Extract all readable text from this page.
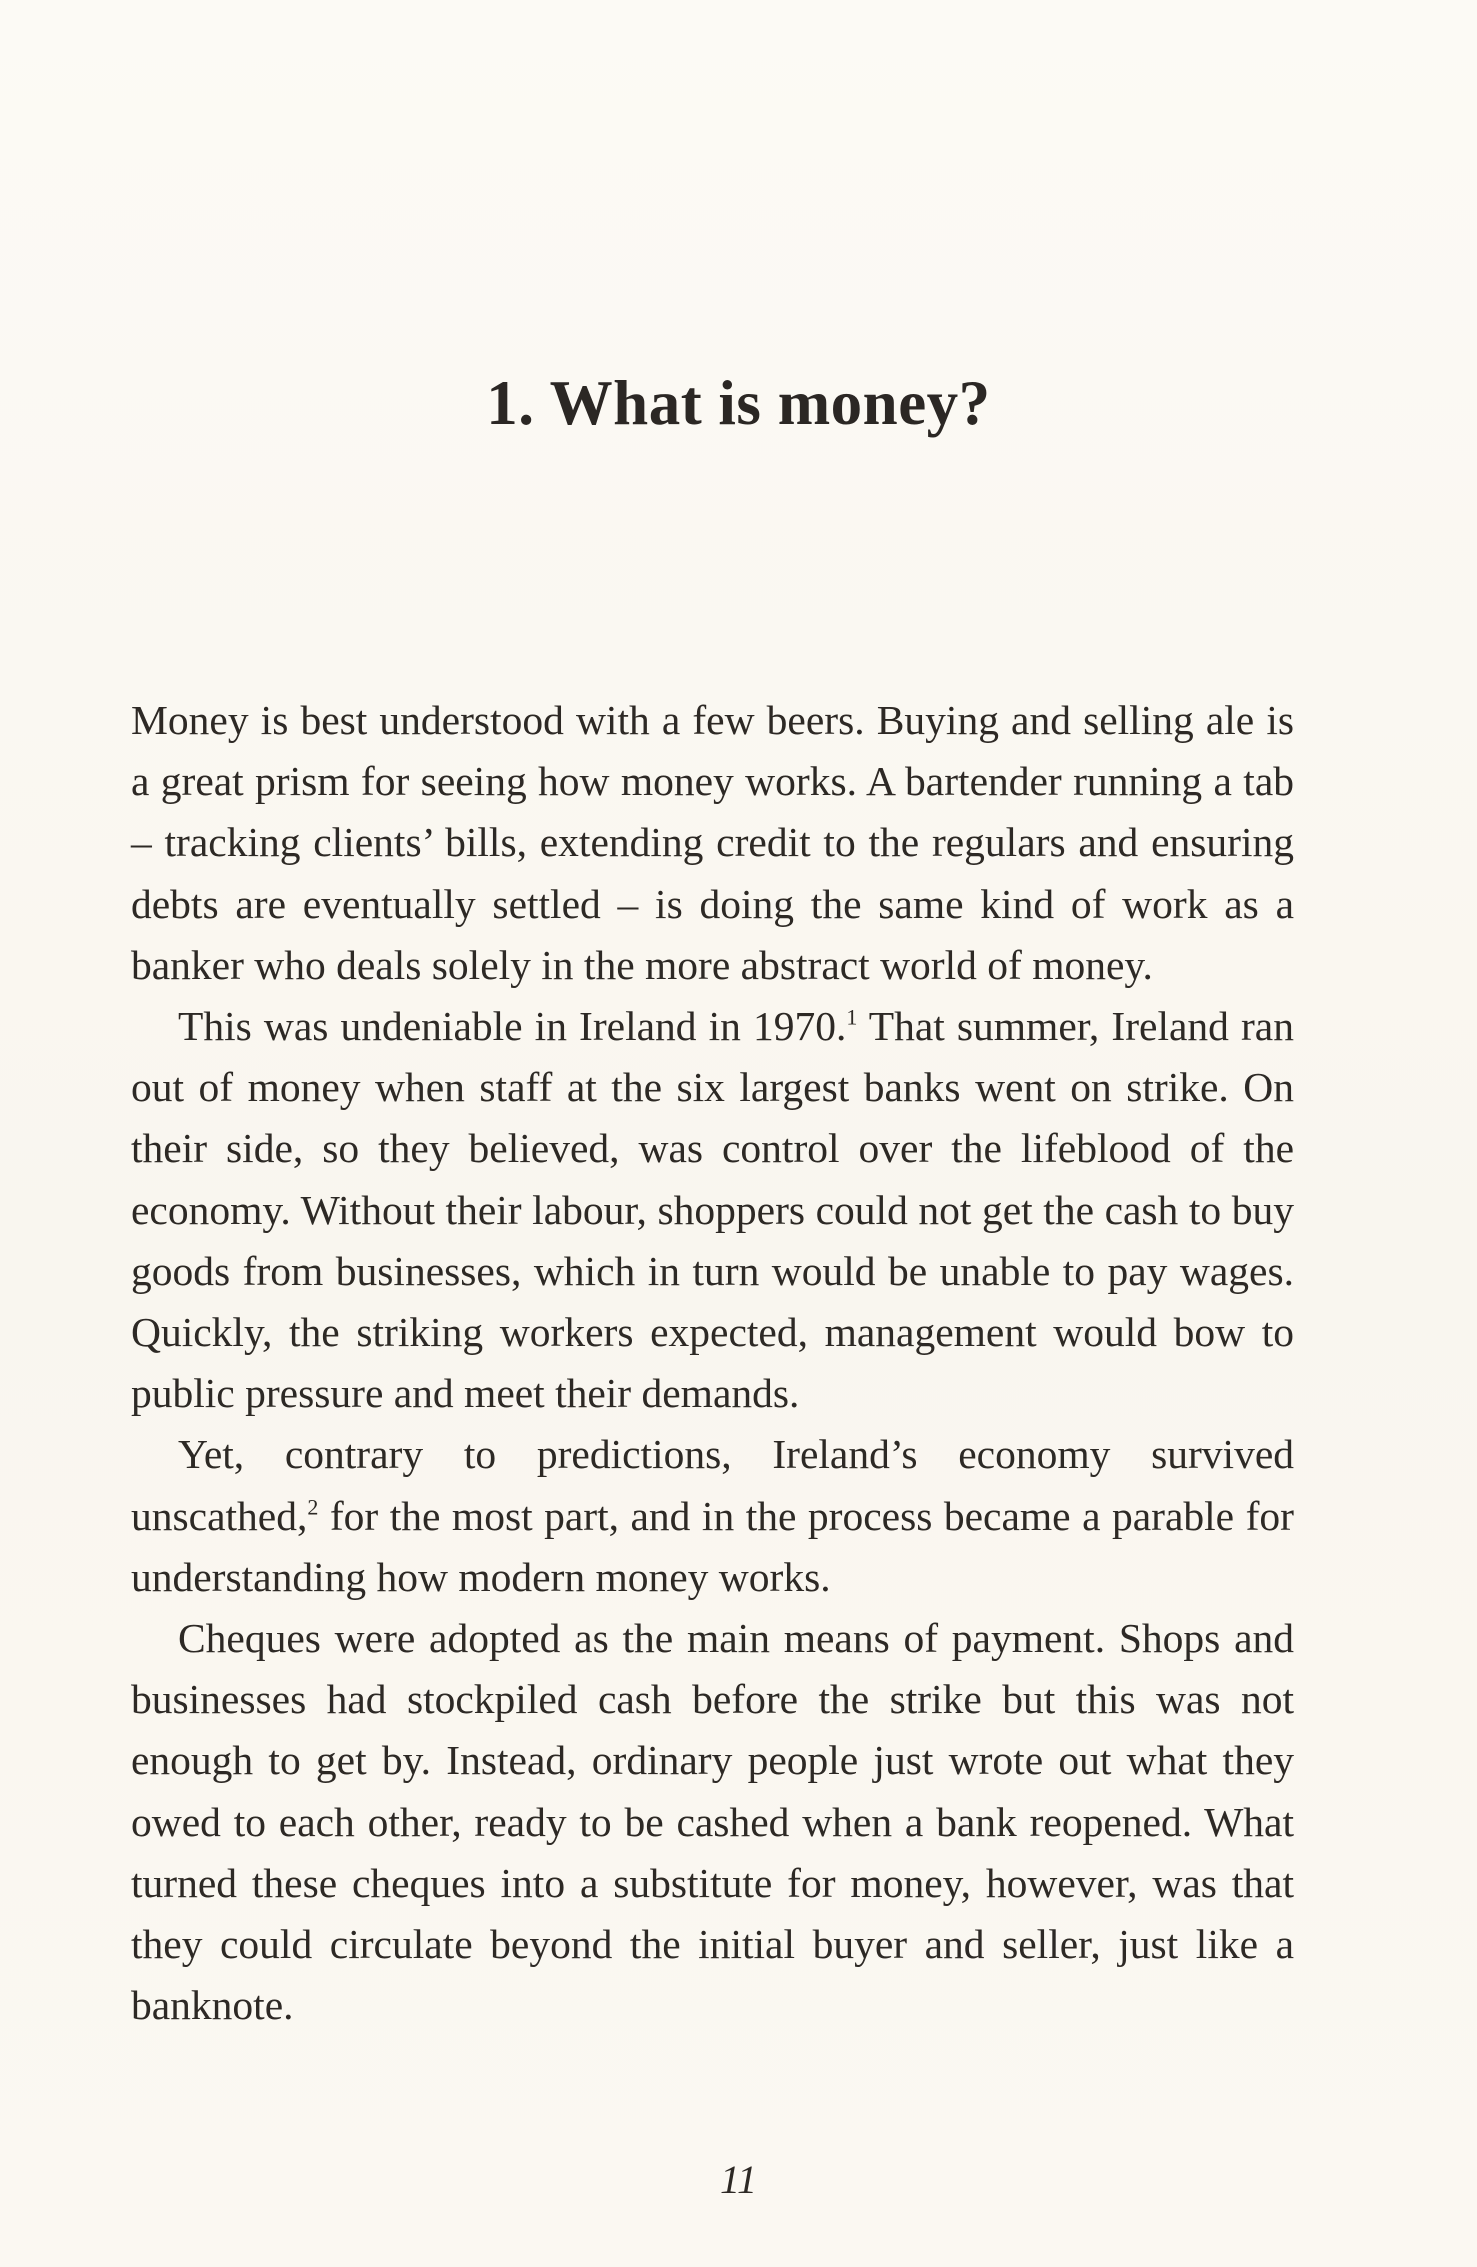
1. What is money?

Money is best understood with a few beers. Buying and selling ale is a great prism for seeing how money works. A bartender running a tab – tracking clients’ bills, extending credit to the regulars and ensuring debts are eventually settled – is doing the same kind of work as a banker who deals solely in the more abstract world of money.

This was undeniable in Ireland in 1970.$^1$ That summer, Ireland ran out of money when staff at the six largest banks went on strike. On their side, so they believed, was control over the lifeblood of the economy. Without their labour, shoppers could not get the cash to buy goods from businesses, which in turn would be unable to pay wages. Quickly, the striking workers expected, management would bow to public pressure and meet their demands.

Yet, contrary to predictions, Ireland’s economy survived unscathed,$^2$ for the most part, and in the process became a parable for understanding how modern money works.

Cheques were adopted as the main means of payment. Shops and businesses had stockpiled cash before the strike but this was not enough to get by. Instead, ordinary people just wrote out what they owed to each other, ready to be cashed when a bank reopened. What turned these cheques into a substitute for money, however, was that they could circulate beyond the initial buyer and seller, just like a banknote.

11
